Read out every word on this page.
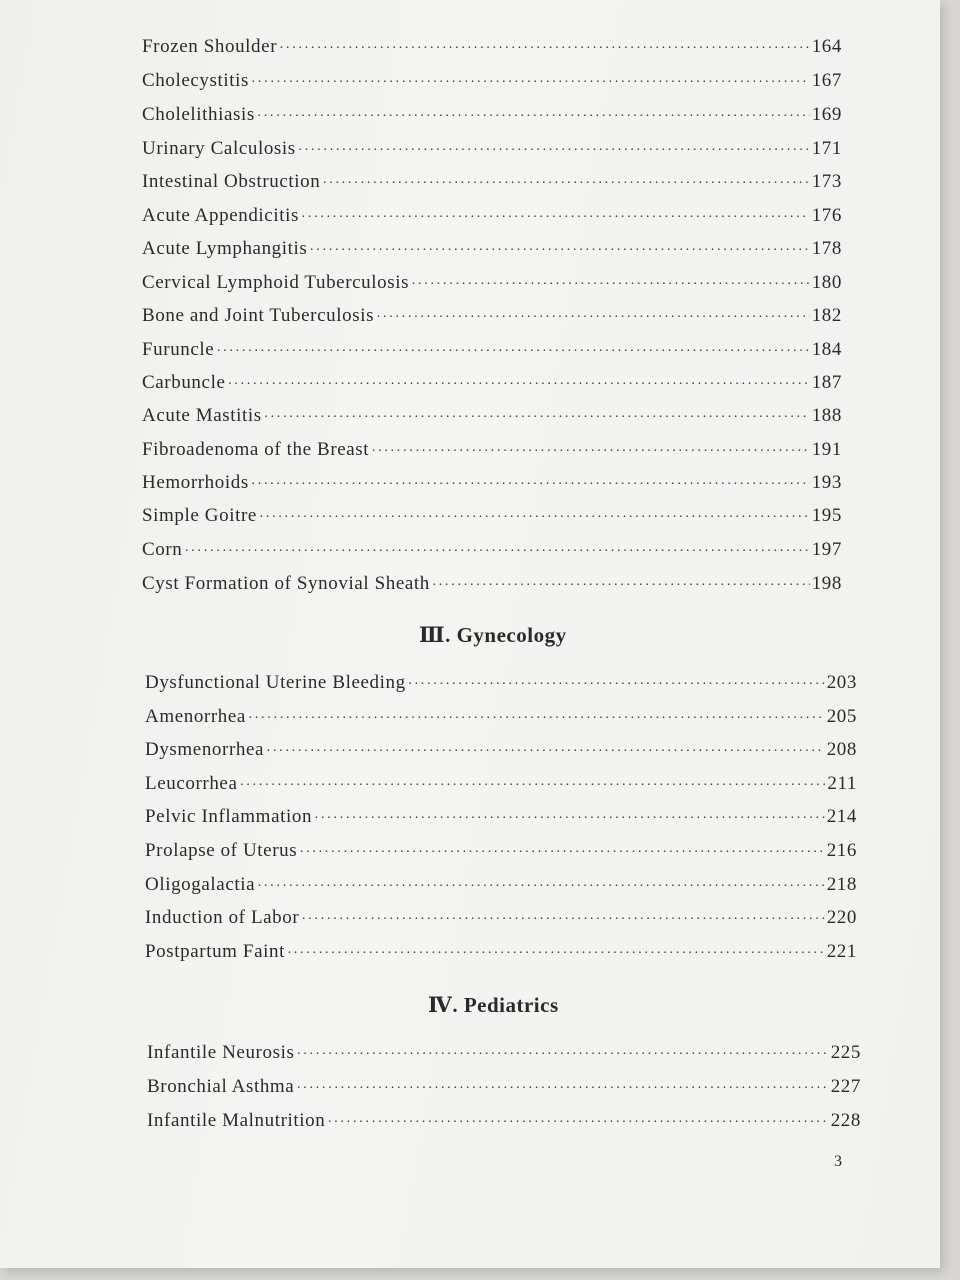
Frozen Shoulder ·····	164
Cholecystitis ·····	167
Cholelithiasis ·····	169
Urinary Calculosis ·····	171
Intestinal Obstruction ·····	173
Acute Appendicitis ·····	176
Acute Lymphangitis ·····	178
Cervical Lymphoid Tuberculosis ·····	180
Bone and Joint Tuberculosis ·····	182
Furuncle ·····	184
Carbuncle ·····	187
Acute Mastitis ·····	188
Fibroadenoma of the Breast ·····	191
Hemorrhoids ·····	193
Simple Goitre ·····	195
Corn ·····	197
Cyst Formation of Synovial Sheath ·····	198
Ⅲ. Gynecology
Dysfunctional Uterine Bleeding ·····	203
Amenorrhea ·····	205
Dysmenorrhea ·····	208
Leucorrhea ·····	211
Pelvic Inflammation ·····	214
Prolapse of Uterus ·····	216
Oligogalactia ·····	218
Induction of Labor ·····	220
Postpartum Faint ·····	221
Ⅳ. Pediatrics
Infantile Neurosis ·····	225
Bronchial Asthma ·····	227
Infantile Malnutrition ·····	228
3
